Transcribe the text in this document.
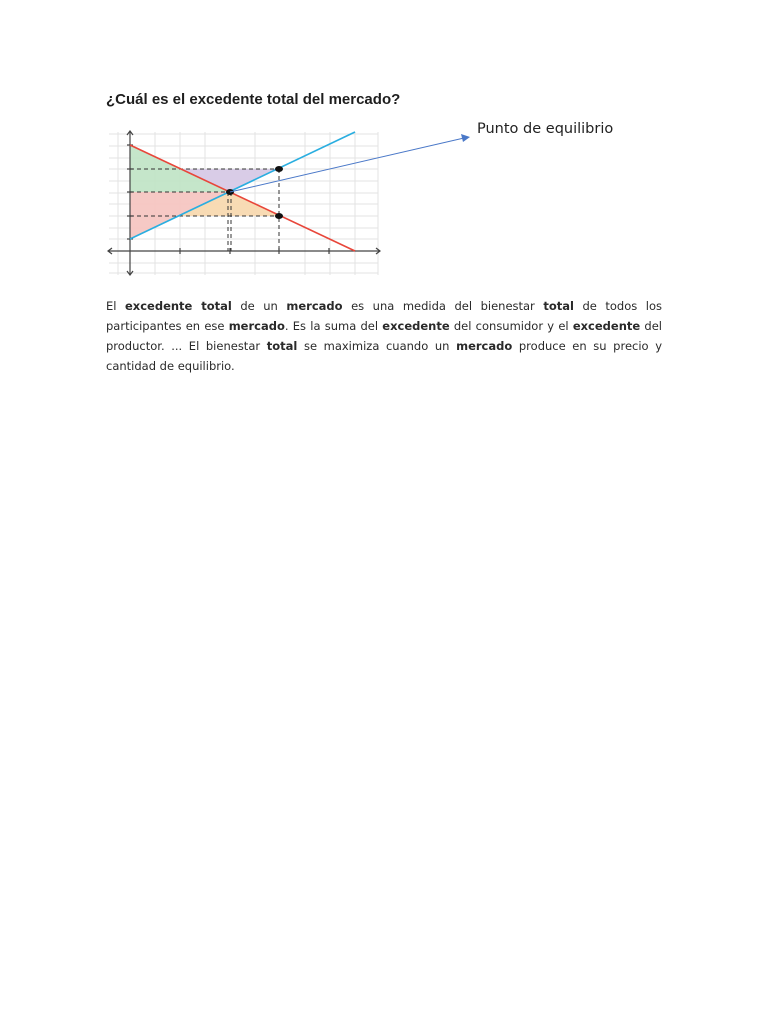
¿Cuál es el excedente total del mercado?
Punto de equilibrio

El excedente total de un mercado es una medida del bienestar total de todos los participantes en ese mercado. Es la suma del excedente del consumidor y el excedente del productor. ... El bienestar total se maximiza cuando un mercado produce en su precio y cantidad de equilibrio.
